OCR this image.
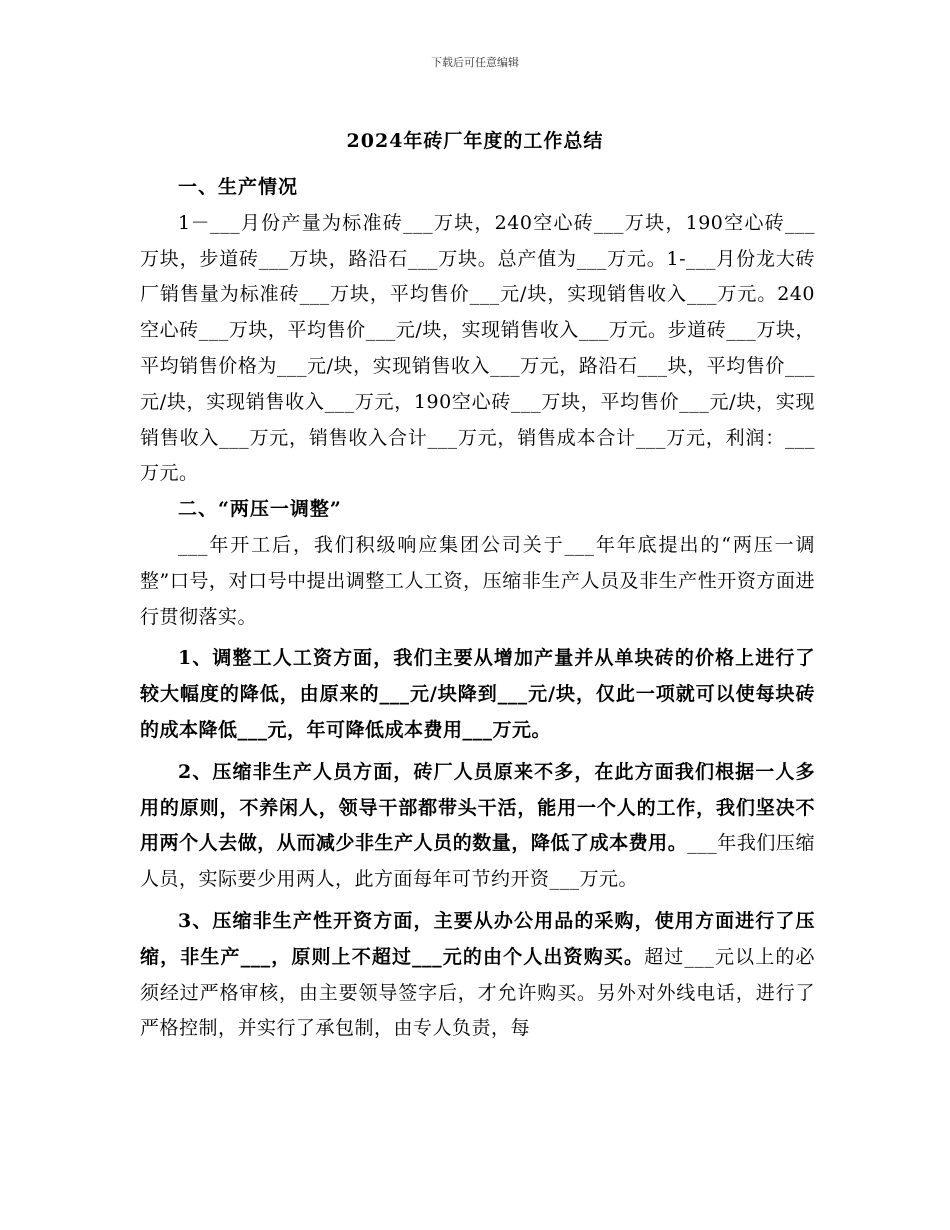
下载后可任意编辑
2024年砖厂年度的工作总结

一、生产情况

1－___月份产量为标准砖___万块，240空心砖___万块，190空心砖___万块，步道砖___万块，路沿石___万块。总产值为___万元。1-___月份龙大砖厂销售量为标准砖___万块，平均售价___元/块，实现销售收入___万元。240空心砖___万块，平均售价___元/块，实现销售收入___万元。步道砖___万块，平均销售价格为___元/块，实现销售收入___万元，路沿石___块，平均售价___元/块，实现销售收入___万元，190空心砖___万块，平均售价___元/块，实现销售收入___万元，销售收入合计___万元，销售成本合计___万元，利润：___万元。

二、“两压一调整”

___年开工后，我们积级响应集团公司关于___年年底提出的“两压一调整”口号，对口号中提出调整工人工资，压缩非生产人员及非生产性开资方面进行贯彻落实。

1、调整工人工资方面，我们主要从增加产量并从单块砖的价格上进行了较大幅度的降低，由原来的___元/块降到___元/块，仅此一项就可以使每块砖的成本降低___元，年可降低成本费用___万元。

2、压缩非生产人员方面，砖厂人员原来不多，在此方面我们根据一人多用的原则，不养闲人，领导干部都带头干活，能用一个人的工作，我们坚决不用两个人去做，从而减少非生产人员的数量，降低了成本费用。___年我们压缩人员，实际要少用两人，此方面每年可节约开资___万元。

3、压缩非生产性开资方面，主要从办公用品的采购，使用方面进行了压缩，非生产___，原则上不超过___元的由个人出资购买。超过___元以上的必须经过严格审核，由主要领导签字后，才允许购买。另外对外线电话，进行了严格控制，并实行了承包制，由专人负责，每
